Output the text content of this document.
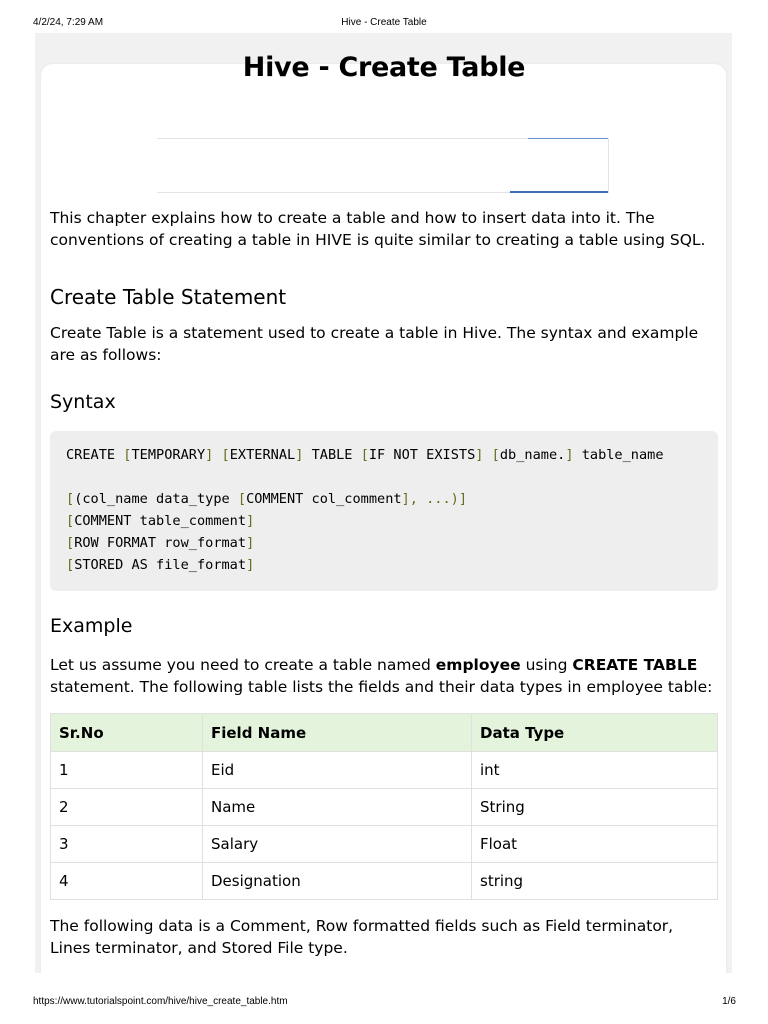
4/2/24, 7:29 AM	Hive - Create Table
Hive - Create Table

This chapter explains how to create a table and how to insert data into it. The conventions of creating a table in HIVE is quite similar to creating a table using SQL.

Create Table Statement

Create Table is a statement used to create a table in Hive. The syntax and example are as follows:

Syntax
CREATE [TEMPORARY] [EXTERNAL] TABLE [IF NOT EXISTS] [db_name.] table_name
[(col_name data_type [COMMENT col_comment], ...)]
[COMMENT table_comment]
[ROW FORMAT row_format]
[STORED AS file_format]
Example

Let us assume you need to create a table named employee using CREATE TABLE statement. The following table lists the fields and their data types in employee table:

Sr.No	Field Name	Data Type
1	Eid	int
2	Name	String
3	Salary	Float
4	Designation	string

The following data is a Comment, Row formatted fields such as Field terminator, Lines terminator, and Stored File type.

https://www.tutorialspoint.com/hive/hive_create_table.htm	1/6
